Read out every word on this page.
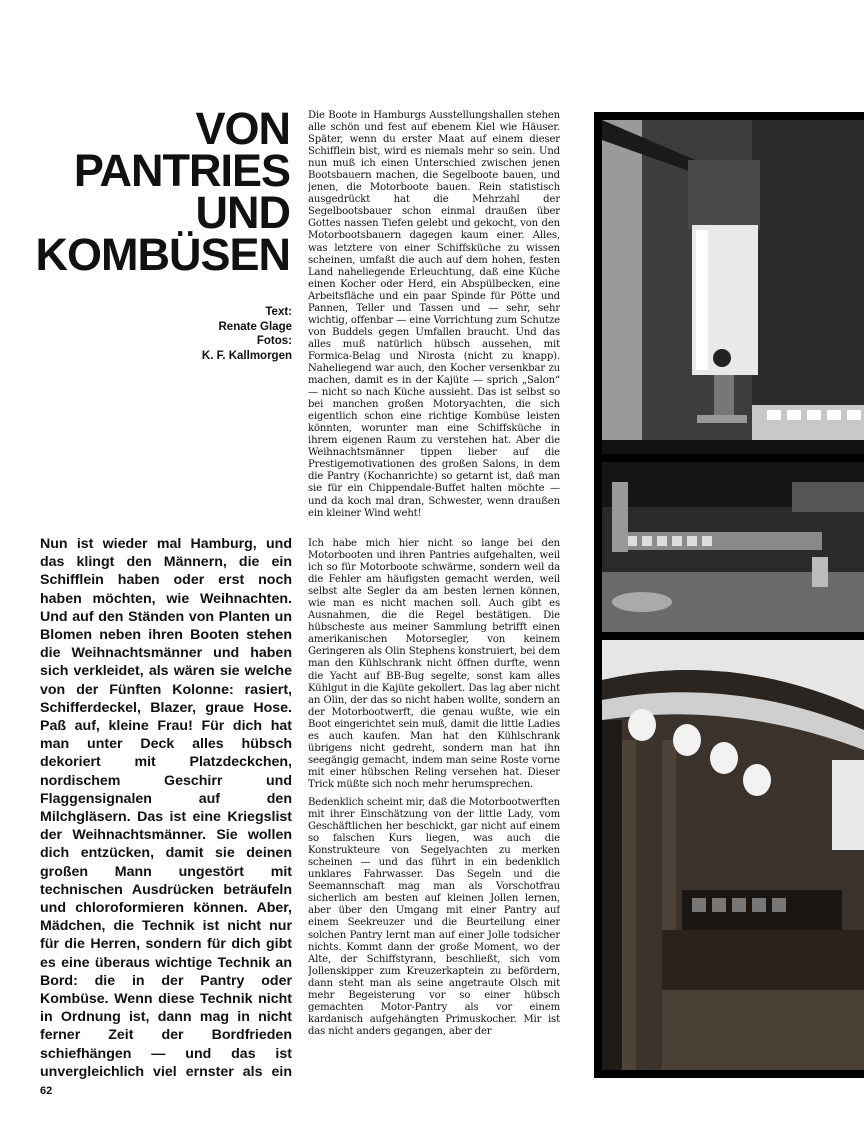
VON
PANTRIES
UND
KOMBÜSEN
Text:
Renate Glage
Fotos:
K. F. Kallmorgen
Nun ist wieder mal Hamburg, und das klingt den Männern, die ein Schifflein haben oder erst noch haben möchten, wie Weihnachten. Und auf den Ständen von Planten un Blomen neben ihren Booten stehen die Weihnachtsmänner und haben sich verkleidet, als wären sie welche von der Fünften Kolonne: rasiert, Schifferdeckel, Blazer, graue Hose. Paß auf, kleine Frau! Für dich hat man unter Deck alles hübsch dekoriert mit Platzdeckchen, nordischem Geschirr und Flaggensignalen auf den Milchgläsern. Das ist eine Kriegslist der Weihnachtsmänner. Sie wollen dich entzücken, damit sie deinen großen Mann ungestört mit technischen Ausdrücken beträufeln und chloroformieren können. Aber, Mädchen, die Technik ist nicht nur für die Herren, sondern für dich gibt es eine überaus wichtige Technik an Bord: die in der Pantry oder Kombüse. Wenn diese Technik nicht in Ordnung ist, dann mag in nicht ferner Zeit der Bordfrieden schiefhängen — und das ist unvergleichlich viel ernster als ein

Die Boote in Hamburgs Ausstellungshallen stehen alle schön und fest auf ebenem Kiel wie Häuser. Später, wenn du erster Maat auf einem dieser Schifflein bist, wird es niemals mehr so sein. Und nun muß ich einen Unterschied zwischen jenen Bootsbauern machen, die Segelboote bauen, und jenen, die Motorboote bauen. Rein statistisch ausgedrückt hat die Mehrzahl der Segelbootsbauer schon einmal draußen über Gottes nassen Tiefen gelebt und gekocht, von den Motorbootsbauern dagegen kaum einer. Alles, was letztere von einer Schiffsküche zu wissen scheinen, umfaßt die auch auf dem hohen, festen Land naheliegende Erleuchtung, daß eine Küche einen Kocher oder Herd, ein Abspülbecken, eine Arbeitsfläche und ein paar Spinde für Pötte und Pannen, Teller und Tassen und — sehr, sehr wichtig, offenbar — eine Vorrichtung zum Schutze von Buddels gegen Umfallen braucht. Und das alles muß natürlich hübsch aussehen, mit Formica-Belag und Nirosta (nicht zu knapp). Naheliegend war auch, den Kocher versenkbar zu machen, damit es in der Kajüte — sprich „Salon“ — nicht so nach Küche aussieht. Das ist selbst so bei manchen großen Motoryachten, die sich eigentlich schon eine richtige Kombüse leisten könnten, worunter man eine Schiffsküche in ihrem eigenen Raum zu verstehen hat. Aber die Weihnachtsmänner tippen lieber auf die Prestigemotivationen des großen Salons, in dem die Pantry (Kochanrichte) so getarnt ist, daß man sie für ein Chippendale-Buffet halten möchte — und da koch mal dran, Schwester, wenn draußen ein kleiner Wind weht!

Ich habe mich hier nicht so lange bei den Motorbooten und ihren Pantries aufgehalten, weil ich so für Motorboote schwärme, sondern weil da die Fehler am häufigsten gemacht werden, weil selbst alte Segler da am besten lernen können, wie man es nicht machen soll. Auch gibt es Ausnahmen, die die Regel bestätigen. Die hübscheste aus meiner Sammlung betrifft einen amerikanischen Motorsegler, von keinem Geringeren als Olin Stephens konstruiert, bei dem man den Kühlschrank nicht öffnen durfte, wenn die Yacht auf BB-Bug segelte, sonst kam alles Kühlgut in die Kajüte gekollert. Das lag aber nicht an Olin, der das so nicht haben wollte, sondern an der Motorbootwerft, die genau wußte, wie ein Boot eingerichtet sein muß, damit die little Ladies es auch kaufen. Man hat den Kühlschrank übrigens nicht gedreht, sondern man hat ihn seegängig gemacht, indem man seine Roste vorne mit einer hübschen Reling versehen hat. Dieser Trick müßte sich noch mehr herumsprechen.

Bedenklich scheint mir, daß die Motorbootwerften mit ihrer Einschätzung von der little Lady, vom Geschäftlichen her beschickt, gar nicht auf einem so falschen Kurs liegen, was auch die Konstrukteure von Segelyachten zu merken scheinen — und das führt in ein bedenklich unklares Fahrwasser. Das Segeln und die Seemannschaft mag man als Vorschotfrau sicherlich am besten auf kleinen Jollen lernen, aber über den Umgang mit einer Pantry auf einem Seekreuzer und die Beurteilung einer solchen Pantry lernt man auf einer Jolle todsicher nichts. Kommt dann der große Moment, wo der Alte, der Schiffstyrann, beschließt, sich vom Jollenskipper zum Kreuzerkaptein zu befördern, dann steht man als seine angetraute Olsch mit mehr Begeisterung vor so einer hübsch gemachten Motor-Pantry als vor einem kardanisch aufgehängten Primuskocher. Mir ist das nicht anders gegangen, aber der

62
